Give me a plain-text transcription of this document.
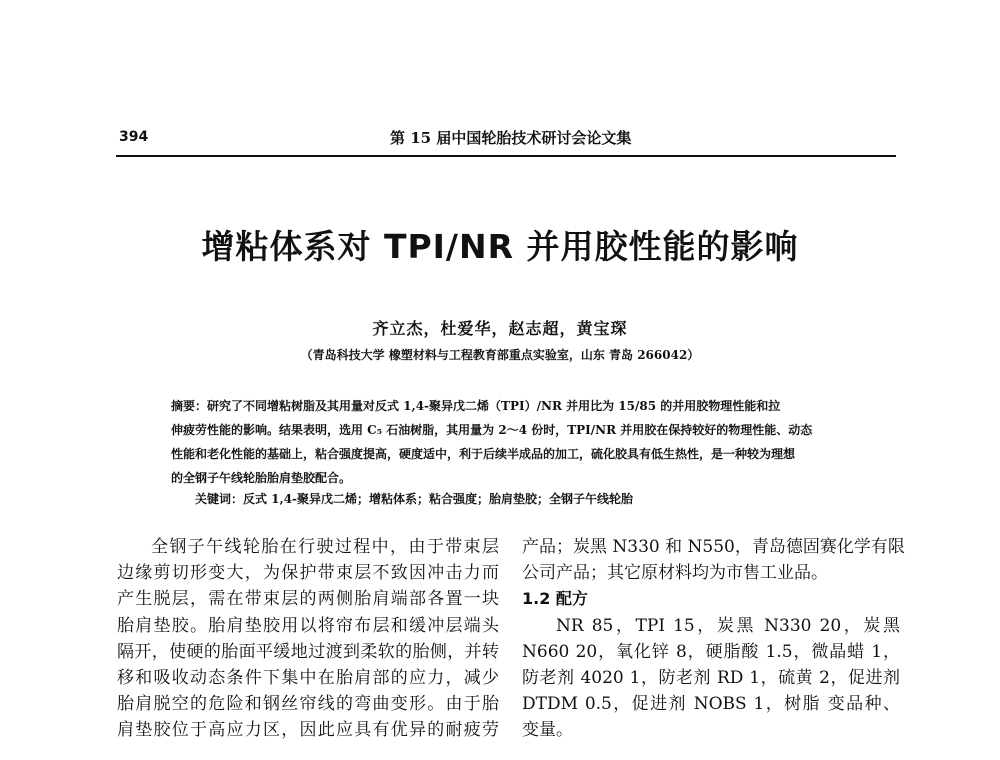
394	第 15 届中国轮胎技术研讨会论文集
增粘体系对 TPI/NR 并用胶性能的影响
齐立杰，杜爱华，赵志超，黄宝琛
（青岛科技大学 橡塑材料与工程教育部重点实验室，山东 青岛 266042）
摘要：研究了不同增粘树脂及其用量对反式 1,4-聚异戊二烯（TPI）/NR 并用比为 15/85 的并用胶物理性能和拉
伸疲劳性能的影响。结果表明，选用 C₅ 石油树脂，其用量为 2～4 份时，TPI/NR 并用胶在保持较好的物理性能、动态
性能和老化性能的基础上，粘合强度提高，硬度适中，利于后续半成品的加工，硫化胶具有低生热性，是一种较为理想
的全钢子午线轮胎胎肩垫胶配合。
关键词：反式 1,4-聚异戊二烯；增粘体系；粘合强度；胎肩垫胶；全钢子午线轮胎
全钢子午线轮胎在行驶过程中，由于带束层
边缘剪切形变大，为保护带束层不致因冲击力而
产生脱层，需在带束层的两侧胎肩端部各置一块
胎肩垫胶。胎肩垫胶用以将帘布层和缓冲层端头
隔开，使硬的胎面平缓地过渡到柔软的胎侧，并转
移和吸收动态条件下集中在胎肩部的应力，减少
胎肩脱空的危险和钢丝帘线的弯曲变形。由于胎
肩垫胶位于高应力区，因此应具有优异的耐疲劳
产品；炭黑 N330 和 N550，青岛德固赛化学有限
公司产品；其它原材料均为市售工业品。
1.2 配方
NR 85，TPI 15，炭黑 N330 20，炭黑
N660 20，氧化锌 8，硬脂酸 1.5，微晶蜡 1，
防老剂 4020 1，防老剂 RD 1，硫黄 2，促进剂
DTDM 0.5，促进剂 NOBS 1，树脂 变品种、
变量。
